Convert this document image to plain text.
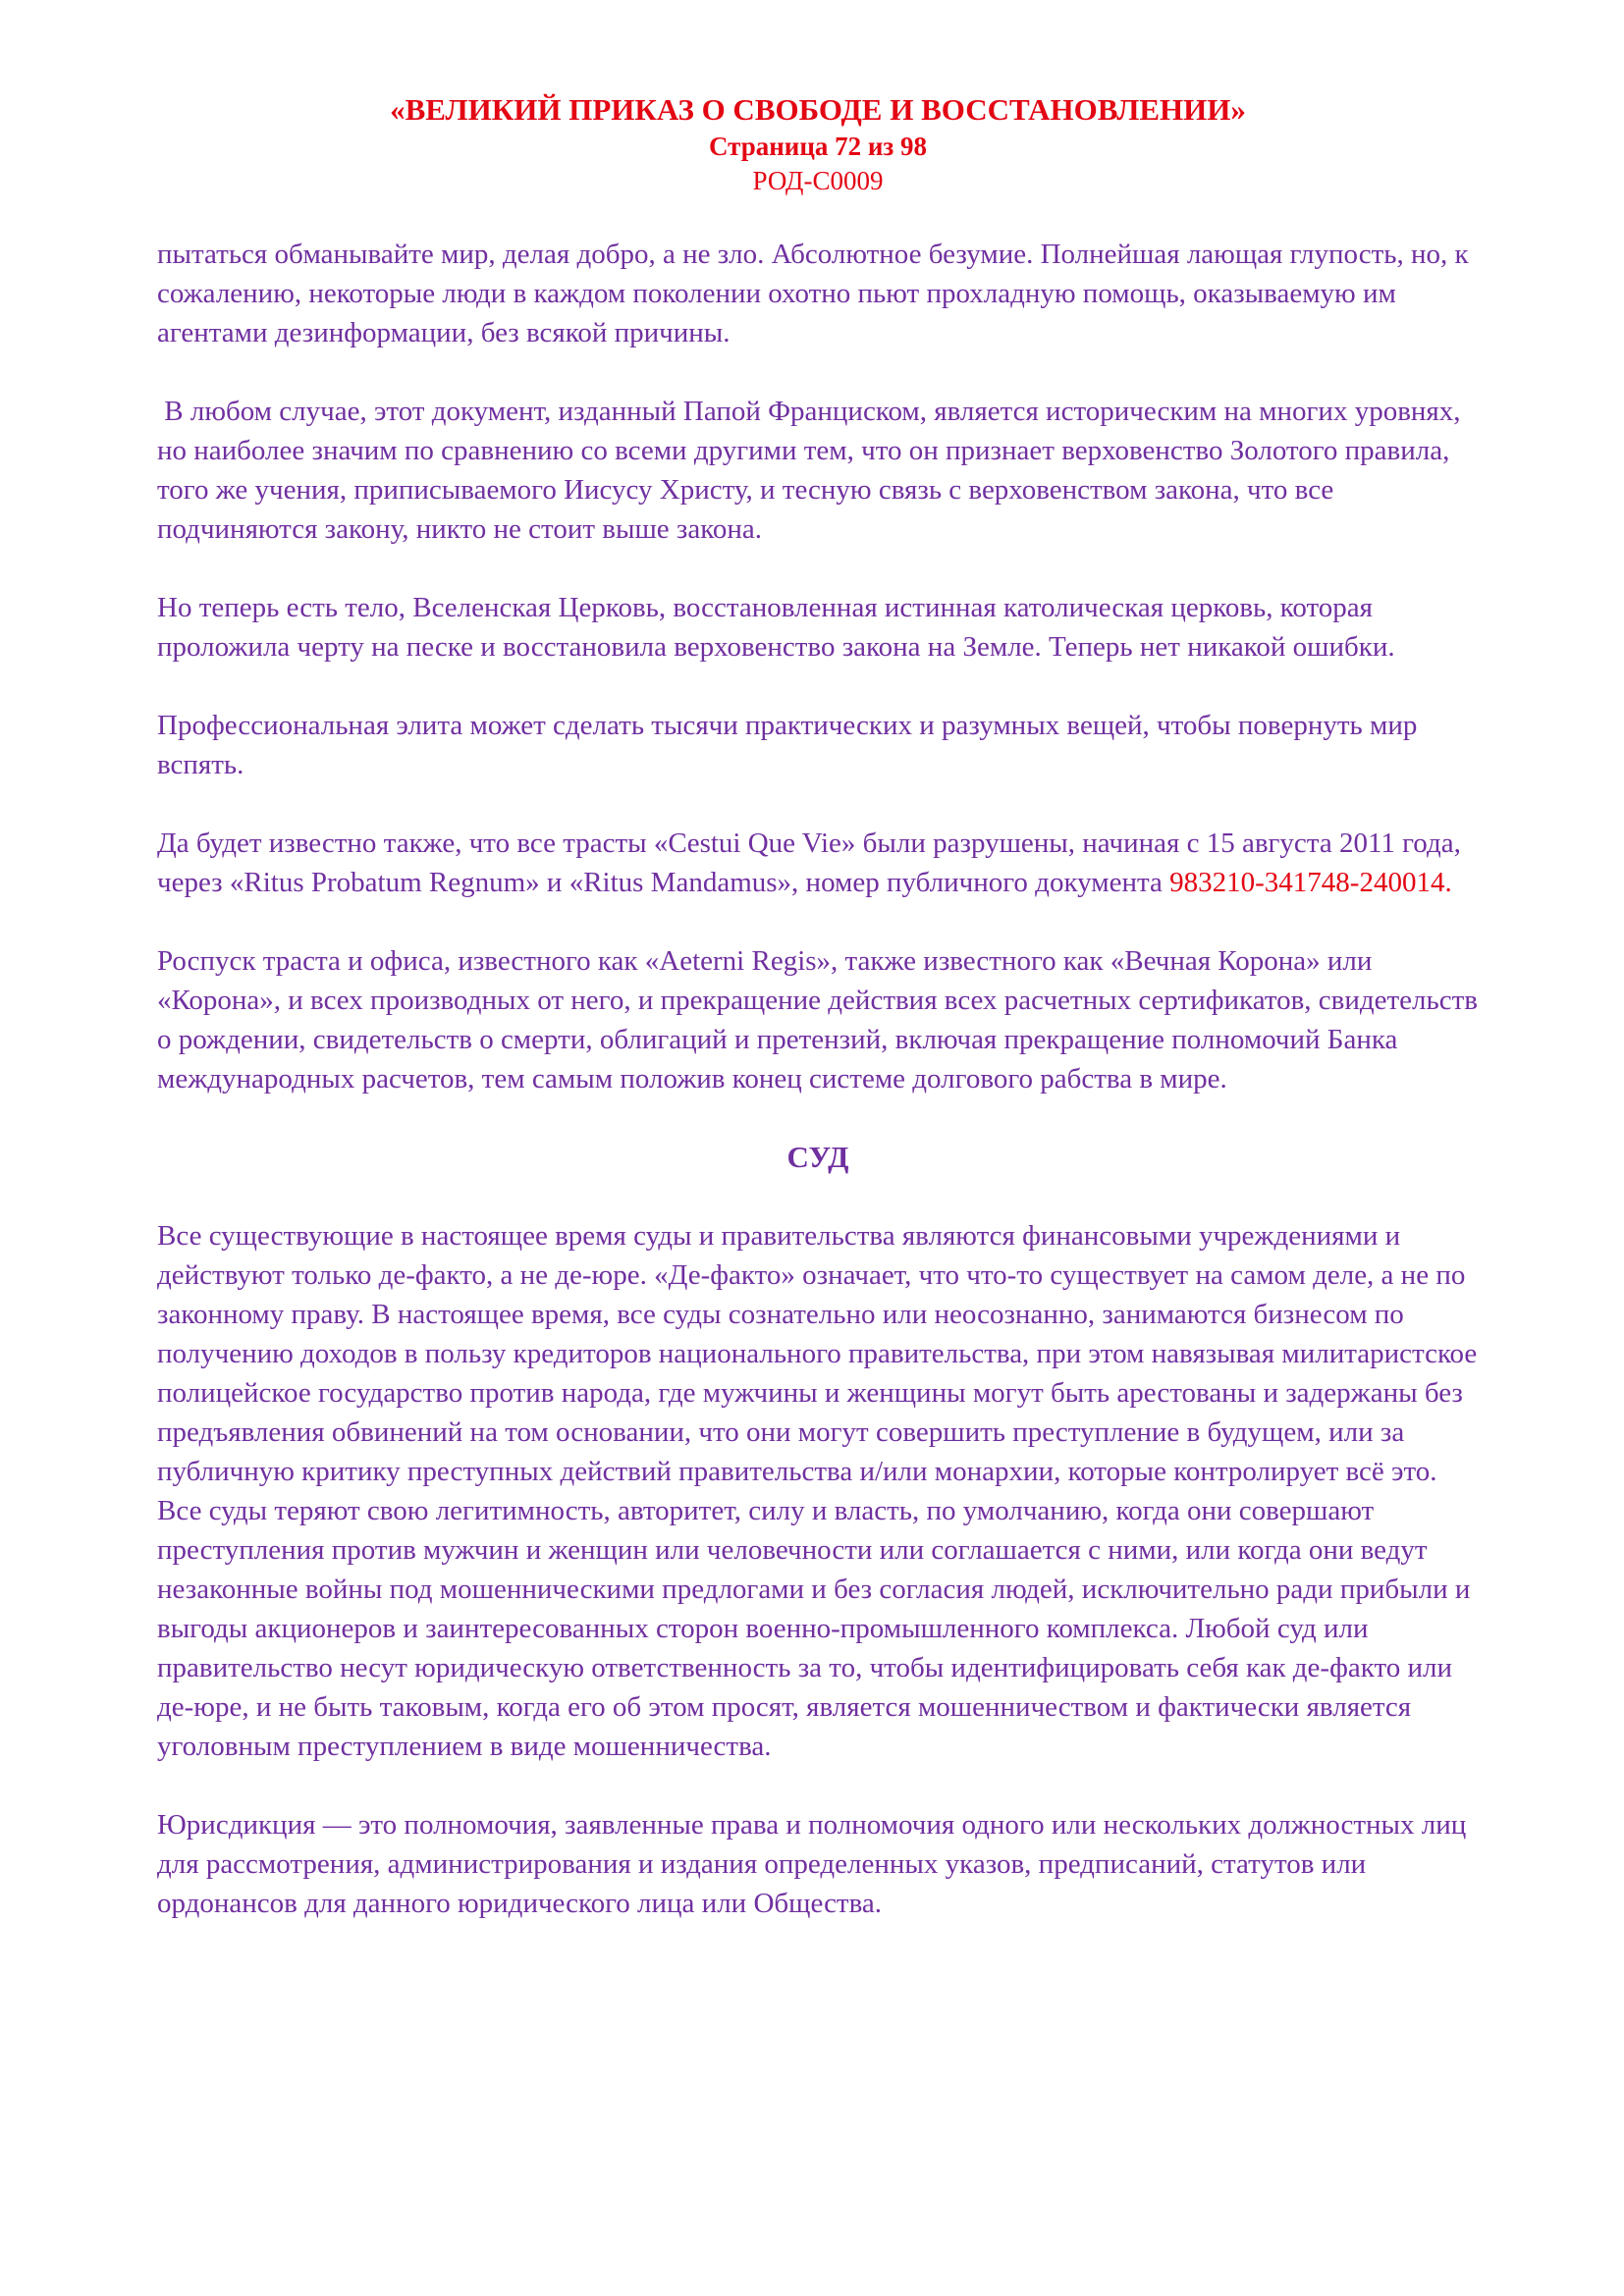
«ВЕЛИКИЙ ПРИКАЗ О СВОБОДЕ И ВОССТАНОВЛЕНИИ»
Страница 72 из 98
РОД-С0009

пытаться обманывайте мир, делая добро, а не зло. Абсолютное безумие. Полнейшая лающая глупость, но, к сожалению, некоторые люди в каждом поколении охотно пьют прохладную помощь, оказываемую им агентами дезинформации, без всякой причины.

В любом случае, этот документ, изданный Папой Франциском, является историческим на многих уровнях, но наиболее значим по сравнению со всеми другими тем, что он признает верховенство Золотого правила, того же учения, приписываемого Иисусу Христу, и тесную связь с верховенством закона, что все подчиняются закону, никто не стоит выше закона.

Но теперь есть тело, Вселенская Церковь, восстановленная истинная католическая церковь, которая проложила черту на песке и восстановила верховенство закона на Земле. Теперь нет никакой ошибки.

Профессиональная элита может сделать тысячи практических и разумных вещей, чтобы повернуть мир вспять.

Да будет известно также, что все трасты «Cestui Que Vie» были разрушены, начиная с 15 августа 2011 года, через «Ritus Probatum Regnum» и «Ritus Mandamus», номер публичного документа 983210-341748-240014.

Роспуск траста и офиса, известного как «Aeterni Regis», также известного как «Вечная Корона» или «Корона», и всех производных от него, и прекращение действия всех расчетных сертификатов, свидетельств о рождении, свидетельств о смерти, облигаций и претензий, включая прекращение полномочий Банка международных расчетов, тем самым положив конец системе долгового рабства в мире.

СУД

Все существующие в настоящее время суды и правительства являются финансовыми учреждениями и действуют только де-факто, а не де-юре. «Де-факто» означает, что что-то существует на самом деле, а не по законному праву. В настоящее время, все суды сознательно или неосознанно, занимаются бизнесом по получению доходов в пользу кредиторов национального правительства, при этом навязывая милитаристское полицейское государство против народа, где мужчины и женщины могут быть арестованы и задержаны без предъявления обвинений на том основании, что они могут совершить преступление в будущем, или за публичную критику преступных действий правительства и/или монархии, которые контролирует всё это. Все суды теряют свою легитимность, авторитет, силу и власть, по умолчанию, когда они совершают преступления против мужчин и женщин или человечности или соглашается с ними, или когда они ведут незаконные войны под мошенническими предлогами и без согласия людей, исключительно ради прибыли и выгоды акционеров и заинтересованных сторон военно-промышленного комплекса. Любой суд или правительство несут юридическую ответственность за то, чтобы идентифицировать себя как де-факто или де-юре, и не быть таковым, когда его об этом просят, является мошенничеством и фактически является уголовным преступлением в виде мошенничества.

Юрисдикция — это полномочия, заявленные права и полномочия одного или нескольких должностных лиц для рассмотрения, администрирования и издания определенных указов, предписаний, статутов или ордонансов для данного юридического лица или Общества.
